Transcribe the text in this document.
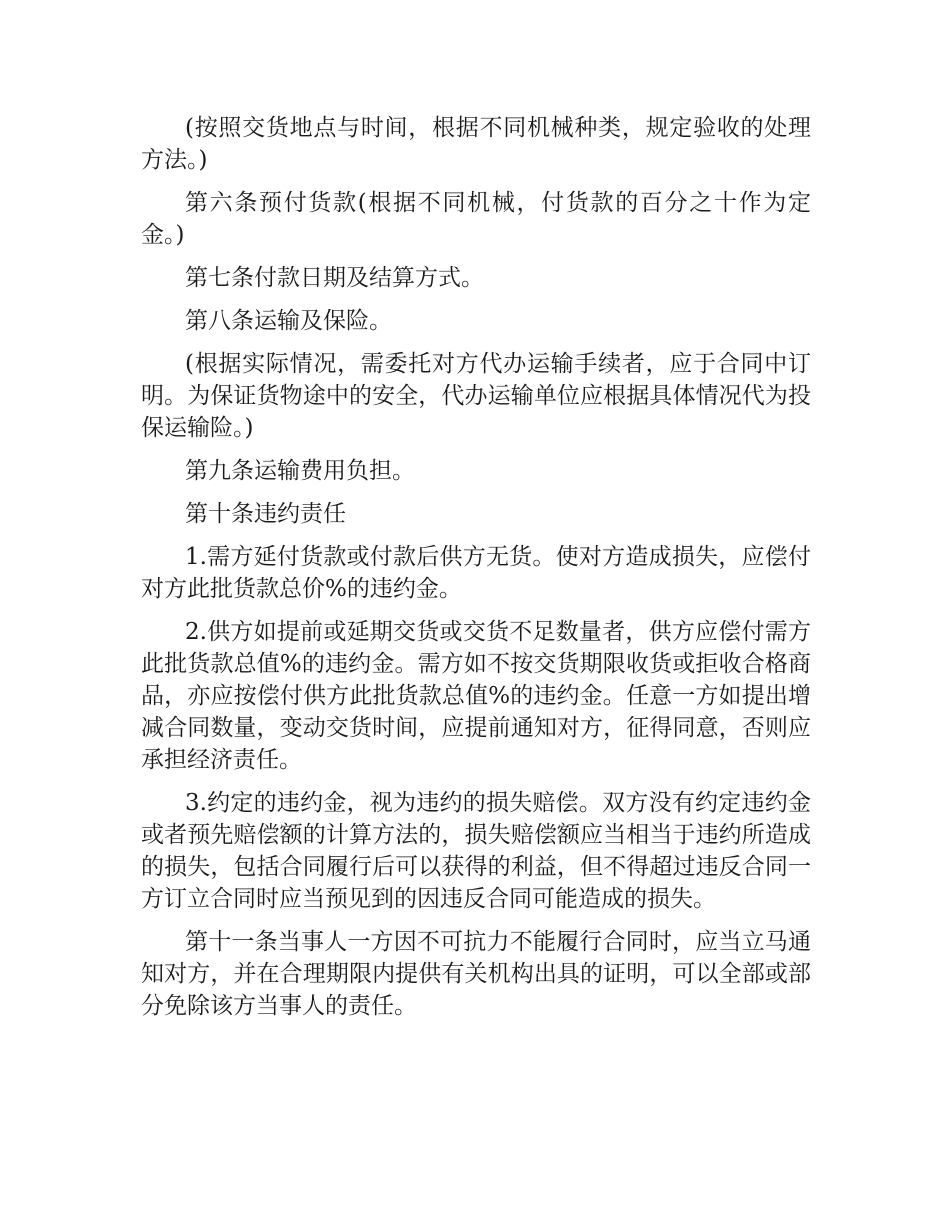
(按照交货地点与时间，根据不同机械种类，规定验收的处理方法。)

第六条预付货款(根据不同机械，付货款的百分之十作为定金。)

第七条付款日期及结算方式。

第八条运输及保险。

(根据实际情况，需委托对方代办运输手续者，应于合同中订明。为保证货物途中的安全，代办运输单位应根据具体情况代为投保运输险。)

第九条运输费用负担。

第十条违约责任

1.需方延付货款或付款后供方无货。使对方造成损失，应偿付对方此批货款总价%的违约金。

2.供方如提前或延期交货或交货不足数量者，供方应偿付需方此批货款总值%的违约金。需方如不按交货期限收货或拒收合格商品，亦应按偿付供方此批货款总值%的违约金。任意一方如提出增减合同数量，变动交货时间，应提前通知对方，征得同意，否则应承担经济责任。

3.约定的违约金，视为违约的损失赔偿。双方没有约定违约金或者预先赔偿额的计算方法的，损失赔偿额应当相当于违约所造成的损失，包括合同履行后可以获得的利益，但不得超过违反合同一方订立合同时应当预见到的因违反合同可能造成的损失。

第十一条当事人一方因不可抗力不能履行合同时，应当立马通知对方，并在合理期限内提供有关机构出具的证明，可以全部或部分免除该方当事人的责任。
